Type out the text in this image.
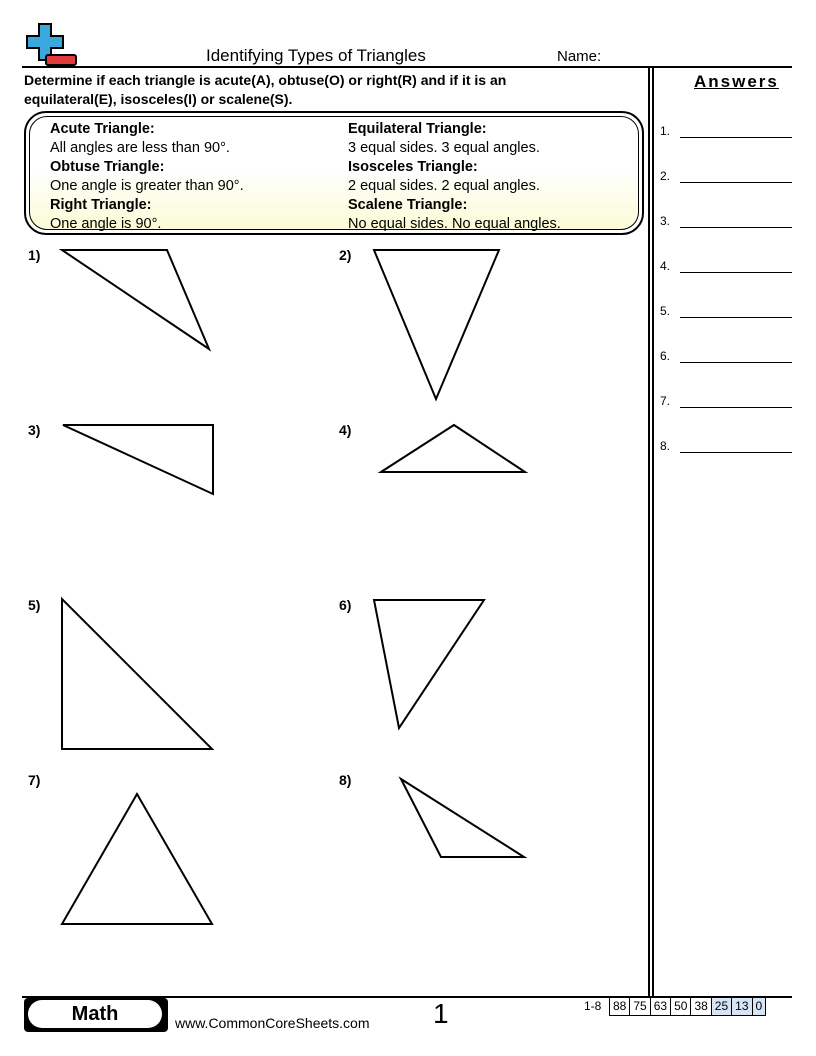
Identifying Types of Triangles	Name:
Determine if each triangle is acute(A), obtuse(O) or right(R) and if it is an
equilateral(E), isosceles(I) or scalene(S).
Acute Triangle:
All angles are less than 90°.
Obtuse Triangle:
One angle is greater than 90°.
Right Triangle:
One angle is 90°.
Equilateral Triangle:
3 equal sides. 3 equal angles.
Isosceles Triangle:
2 equal sides. 2 equal angles.
Scalene Triangle:
No equal sides. No equal angles.
1)	2)
3)	4)
5)	6)
7)	8)
Answers
1.
2.
3.
4.
5.
6.
7.
8.
Math	www.CommonCoreSheets.com 1	1-8 88 75 63 50 38 25 13 0
